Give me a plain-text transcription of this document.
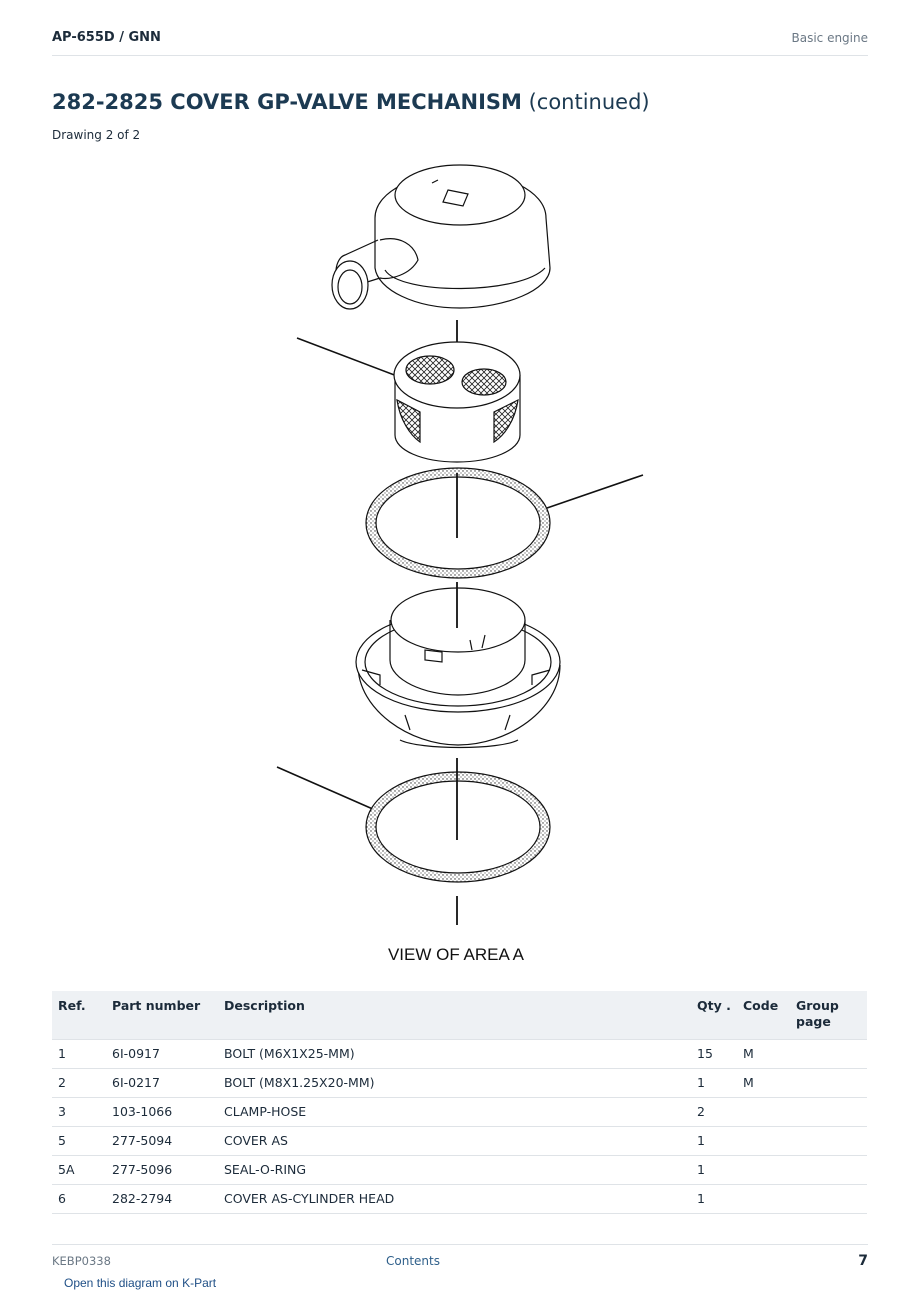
AP-655D / GNN	Basic engine
282-2825 COVER GP-VALVE MECHANISM (continued)
Drawing 2 of 2
VIEW OF AREA A
Ref.	Part number	Description	Qty .	Code	Group page
1	6I-0917	BOLT (M6X1X25-MM)	15	M	
2	6I-0217	BOLT (M8X1.25X20-MM)	1	M	
3	103-1066	CLAMP-HOSE	2		
5	277-5094	COVER AS	1		
5A	277-5096	SEAL-O-RING	1		
6	282-2794	COVER AS-CYLINDER HEAD	1		
KEBP0338	Contents	7
Open this diagram on K-Part
